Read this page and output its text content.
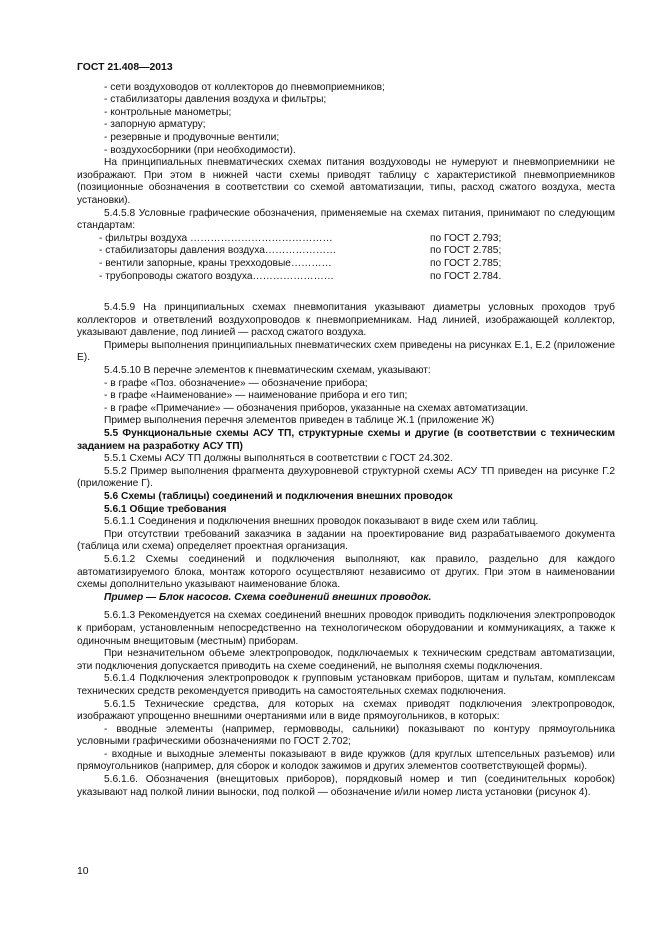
ГОСТ 21.408—2013
- сети воздуховодов от коллекторов до пневмоприемников;
- стабилизаторы давления воздуха и фильтры;
- контрольные манометры;
- запорную арматуру;
- резервные и продувочные вентили;
- воздухосборники (при необходимости).

На принципиальных пневматических схемах питания воздуховоды не нумеруют и пневмоприемники не изображают. При этом в нижней части схемы приводят таблицу с характеристикой пневмоприемников (позиционные обозначения в соответствии со схемой автоматизации, типы, расход сжатого воздуха, места установки).

5.4.5.8 Условные графические обозначения, применяемые на схемах питания, принимают по следующим стандартам:

- фильтры воздуха ……………………………………	по ГОСТ 2.793;
- стабилизаторы давления воздуха…………………	по ГОСТ 2.785;
- вентили запорные, краны трехходовые…………	по ГОСТ 2.785;
- трубопроводы сжатого воздуха……………………	по ГОСТ 2.784.

5.4.5.9 На принципиальных схемах пневмопитания указывают диаметры условных проходов труб коллекторов и ответвлений воздухопроводов к пневмоприемникам. Над линией, изображающей коллектор, указывают давление, под линией — расход сжатого воздуха.

Примеры выполнения принципиальных пневматических схем приведены на рисунках Е.1, Е.2 (приложение Е).

5.4.5.10 В перечне элементов к пневматическим схемам, указывают:

- в графе «Поз. обозначение» — обозначение прибора;
- в графе «Наименование» — наименование прибора и его тип;
- в графе «Примечание» — обозначения приборов, указанные на схемах автоматизации.

Пример выполнения перечня элементов приведен в таблице Ж.1 (приложение Ж)

5.5 Функциональные схемы АСУ ТП, структурные схемы и другие (в соответствии с техническим заданием на разработку АСУ ТП)

5.5.1 Схемы АСУ ТП должны выполняться в соответствии с ГОСТ 24.302.

5.5.2 Пример выполнения фрагмента двухуровневой структурной схемы АСУ ТП приведен на рисунке Г.2 (приложение Г).

5.6 Схемы (таблицы) соединений и подключения внешних проводок

5.6.1 Общие требования

5.6.1.1 Соединения и подключения внешних проводок показывают в виде схем или таблиц.

При отсутствии требований заказчика в задании на проектирование вид разрабатываемого документа (таблица или схема) определяет проектная организация.

5.6.1.2 Схемы соединений и подключения выполняют, как правило, раздельно для каждого автоматизируемого блока, монтаж которого осуществляют независимо от других. При этом в наименовании схемы дополнительно указывают наименование блока.

Пример — Блок насосов. Схема соединений внешних проводок.

5.6.1.3 Рекомендуется на схемах соединений внешних проводок приводить подключения электропроводок к приборам, установленным непосредственно на технологическом оборудовании и коммуникациях, а также к одиночным внещитовым (местным) приборам.

При незначительном объеме электропроводок, подключаемых к техническим средствам автоматизации, эти подключения допускается приводить на схеме соединений, не выполняя схемы подключения.

5.6.1.4 Подключения электропроводок к групповым установкам приборов, щитам и пультам, комплексам технических средств рекомендуется приводить на самостоятельных схемах подключения.

5.6.1.5 Технические средства, для которых на схемах приводят подключения электропроводок, изображают упрощенно внешними очертаниями или в виде прямоугольников, в которых:

- вводные элементы (например, гермовводы, сальники) показывают по контуру прямоугольника условными графическими обозначениями по ГОСТ 2.702;

- входные и выходные элементы показывают в виде кружков (для круглых штепсельных разъемов) или прямоугольников (например, для сборок и колодок зажимов и других элементов соответствующей формы).

5.6.1.6. Обозначения (внещитовых приборов), порядковый номер и тип (соединительных коробок) указывают над полкой линии выноски, под полкой — обозначение и/или номер листа установки (рисунок 4).

10
